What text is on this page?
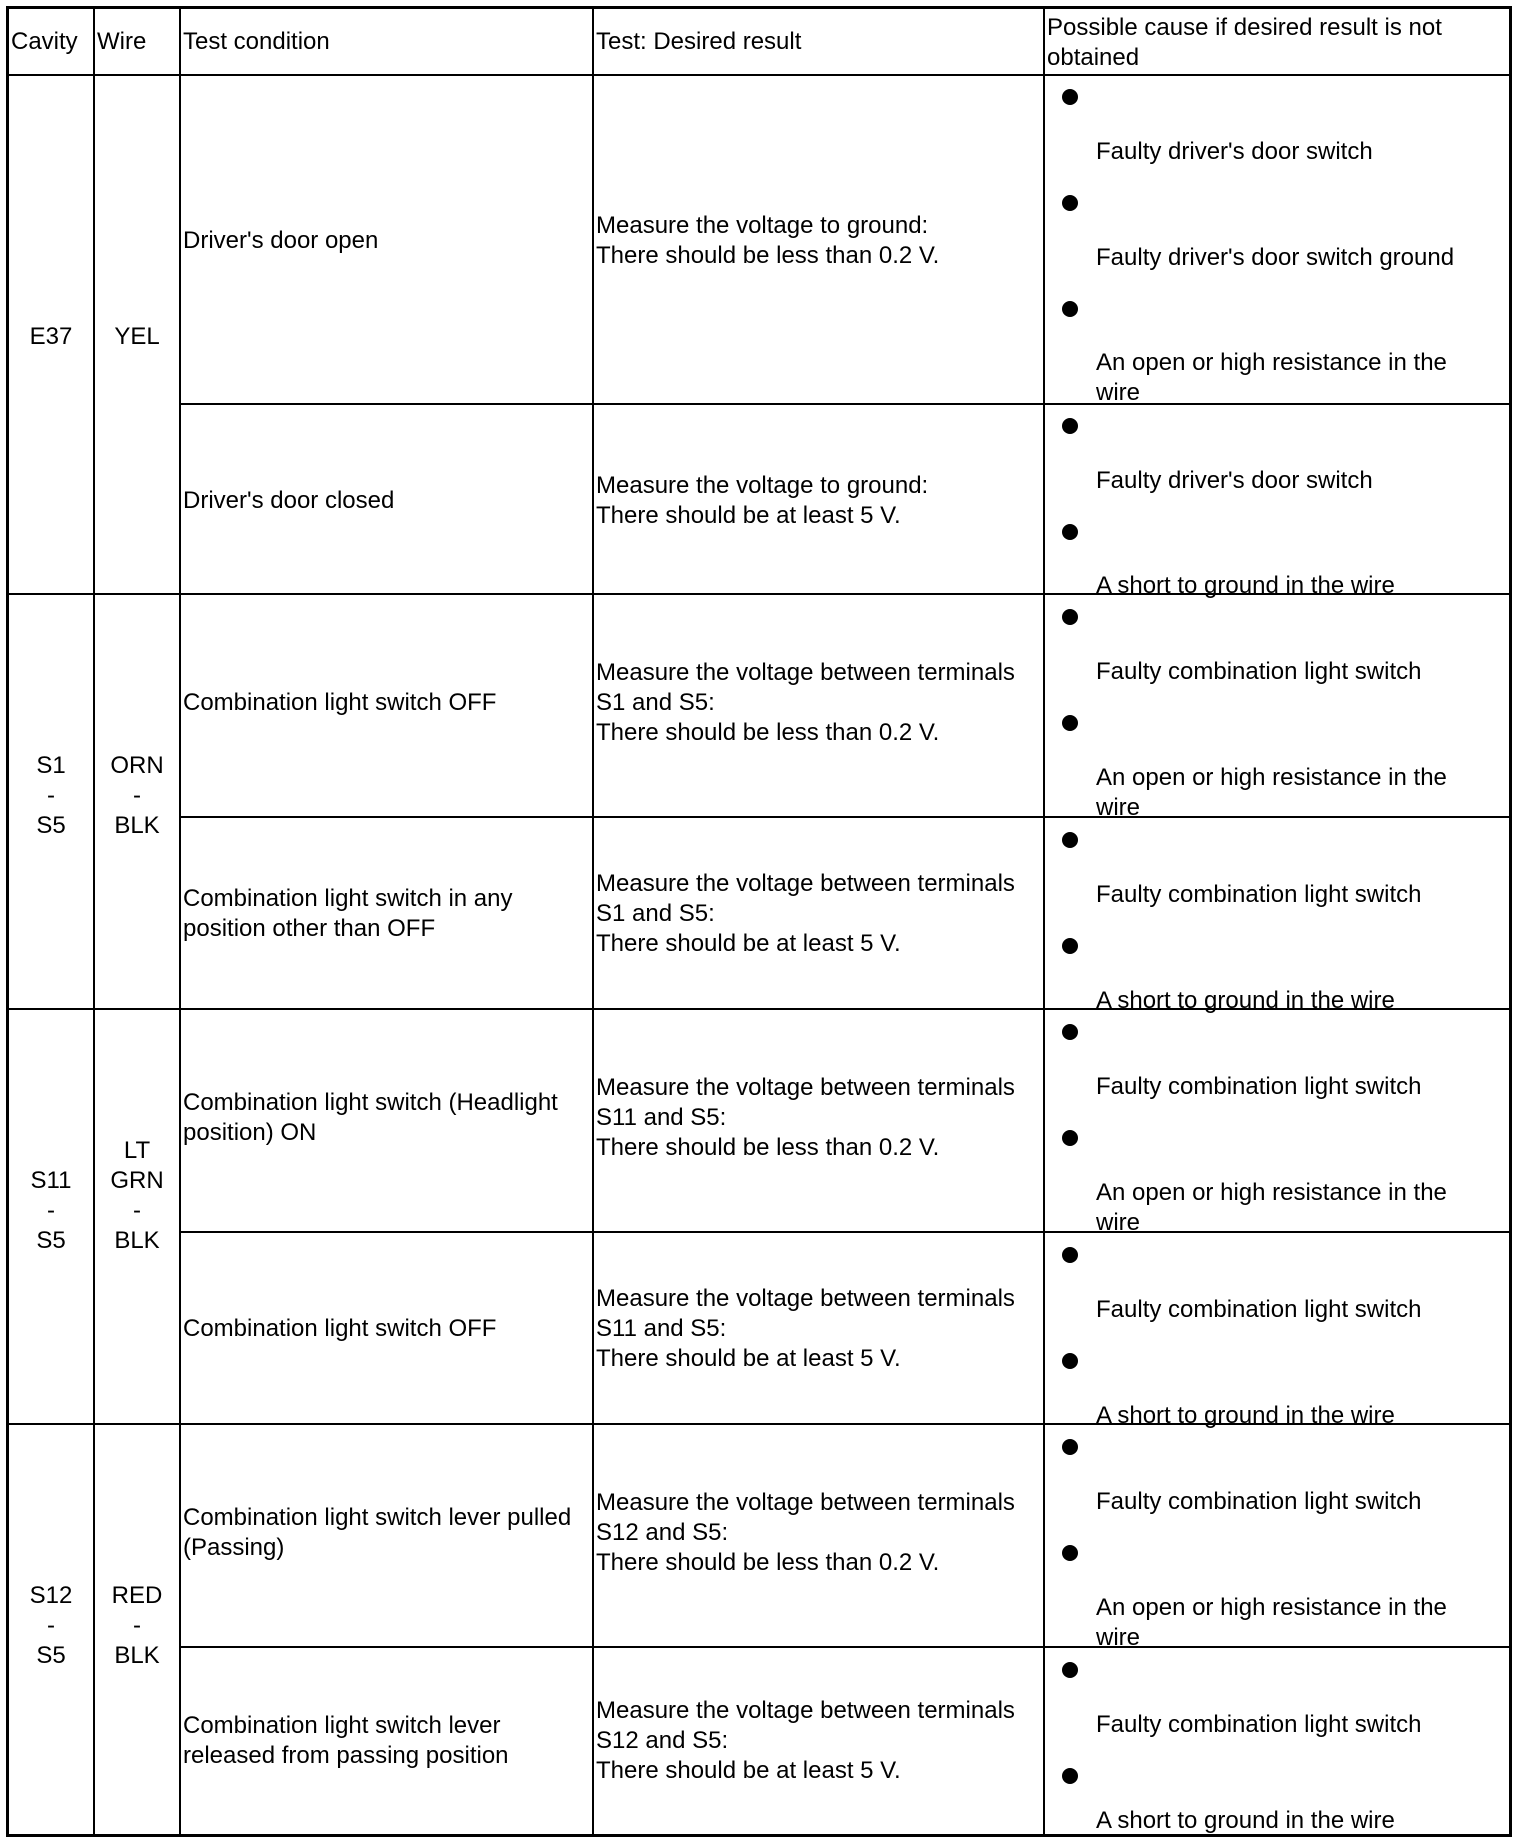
Cavity Wire Test condition	Test: Desired result
Possible cause if desired result is not obtained
E37	YEL
Driver's door open
Measure the voltage to ground:
There should be less than 0.2 V.
Faulty driver's door switch
Faulty driver's door switch ground
An open or high resistance in the wire
Driver's door closed
Measure the voltage to ground:
There should be at least 5 V.
Faulty driver's door switch
A short to ground in the wire
S1
-
S5
ORN
-
BLK
Combination light switch OFF
Measure the voltage between terminals
S1 and S5:
There should be less than 0.2 V.
Faulty combination light switch
An open or high resistance in the wire
Combination light switch in any
position other than OFF
Measure the voltage between terminals
S1 and S5:
There should be at least 5 V.
Faulty combination light switch
A short to ground in the wire
S11
-
S5
LT
GRN
-
BLK
Combination light switch (Headlight
position) ON
Measure the voltage between terminals
S11 and S5:
There should be less than 0.2 V.
Faulty combination light switch
An open or high resistance in the wire
Combination light switch OFF
Measure the voltage between terminals
S11 and S5:
There should be at least 5 V.
Faulty combination light switch
A short to ground in the wire
S12
-
S5
RED
-
BLK
Combination light switch lever pulled
(Passing)
Measure the voltage between terminals
S12 and S5:
There should be less than 0.2 V.
Faulty combination light switch
An open or high resistance in the wire
Combination light switch lever
released from passing position
Measure the voltage between terminals
S12 and S5:
There should be at least 5 V.
Faulty combination light switch
A short to ground in the wire
